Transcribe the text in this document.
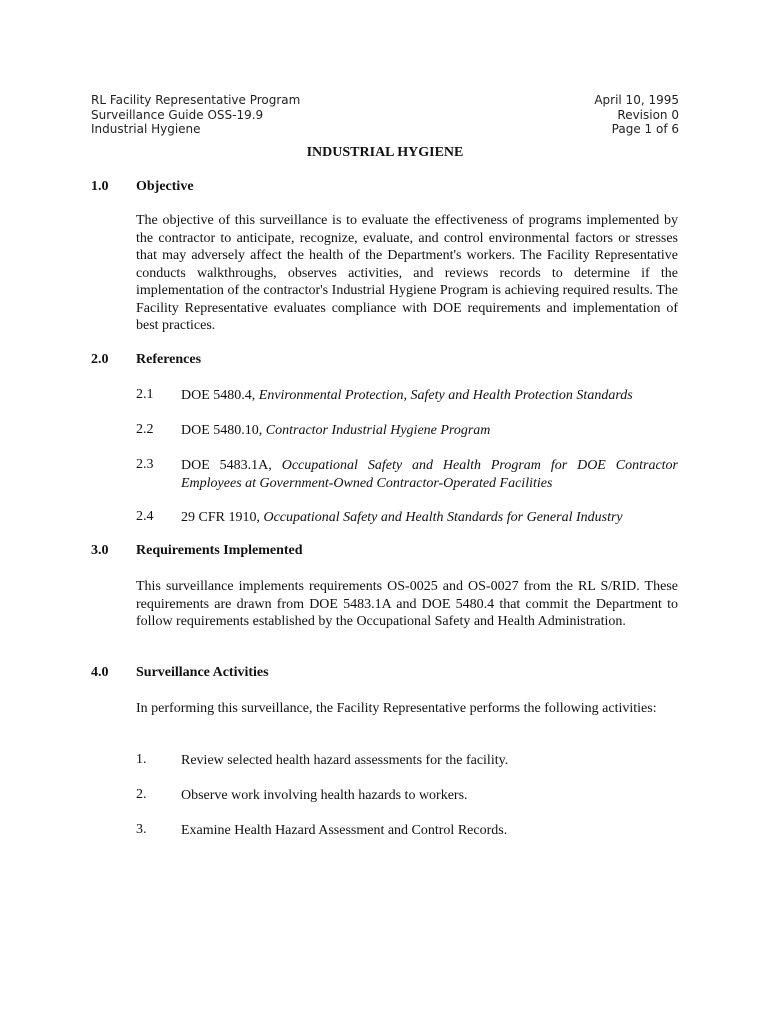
RL Facility Representative Program
Surveillance Guide OSS-19.9
Industrial Hygiene
April 10, 1995
Revision 0
Page 1 of 6
INDUSTRIAL HYGIENE
1.0 Objective
The objective of this surveillance is to evaluate the effectiveness of programs implemented by the contractor to anticipate, recognize, evaluate, and control environmental factors or stresses that may adversely affect the health of the Department's workers. The Facility Representative conducts walkthroughs, observes activities, and reviews records to determine if the implementation of the contractor's Industrial Hygiene Program is achieving required results. The Facility Representative evaluates compliance with DOE requirements and implementation of best practices.
2.0 References
2.1 DOE 5480.4, Environmental Protection, Safety and Health Protection Standards
2.2 DOE 5480.10, Contractor Industrial Hygiene Program
2.3 DOE 5483.1A, Occupational Safety and Health Program for DOE Contractor Employees at Government-Owned Contractor-Operated Facilities
2.4 29 CFR 1910, Occupational Safety and Health Standards for General Industry
3.0 Requirements Implemented
This surveillance implements requirements OS-0025 and OS-0027 from the RL S/RID. These requirements are drawn from DOE 5483.1A and DOE 5480.4 that commit the Department to follow requirements established by the Occupational Safety and Health Administration.
4.0 Surveillance Activities
In performing this surveillance, the Facility Representative performs the following activities:
1. Review selected health hazard assessments for the facility.
2. Observe work involving health hazards to workers.
3. Examine Health Hazard Assessment and Control Records.
